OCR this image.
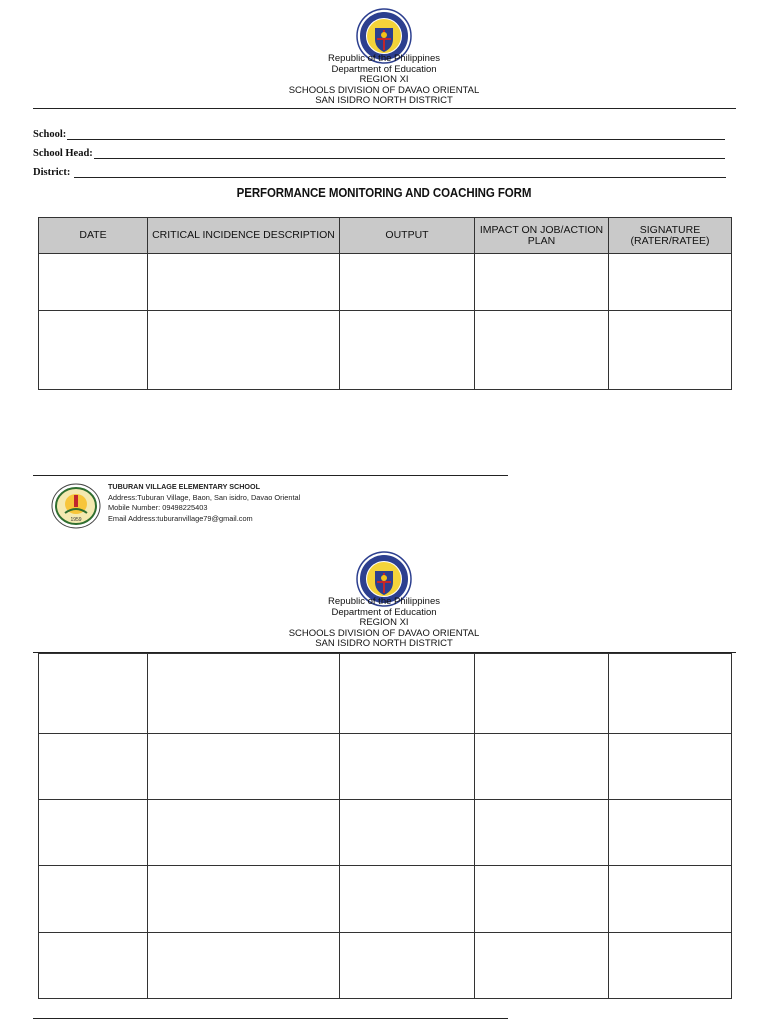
Republic of the Philippines
Department of Education
REGION XI
SCHOOLS DIVISION OF DAVAO ORIENTAL
SAN ISIDRO NORTH DISTRICT
School:
School Head:
District:
PERFORMANCE MONITORING AND COACHING FORM
DATE	CRITICAL INCIDENCE DESCRIPTION	OUTPUT	IMPACT ON JOB/ACTION PLAN	SIGNATURE (RATER/RATEE)

1959
TUBURAN VILLAGE ELEMENTARY SCHOOL
Address:Tuburan Village, Baon, San isidro, Davao Oriental
Mobile Number: 09498225403
Email Address:tuburanvillage79@gmail.com
Republic of the Philippines
Department of Education
REGION XI
SCHOOLS DIVISION OF DAVAO ORIENTAL
SAN ISIDRO NORTH DISTRICT
